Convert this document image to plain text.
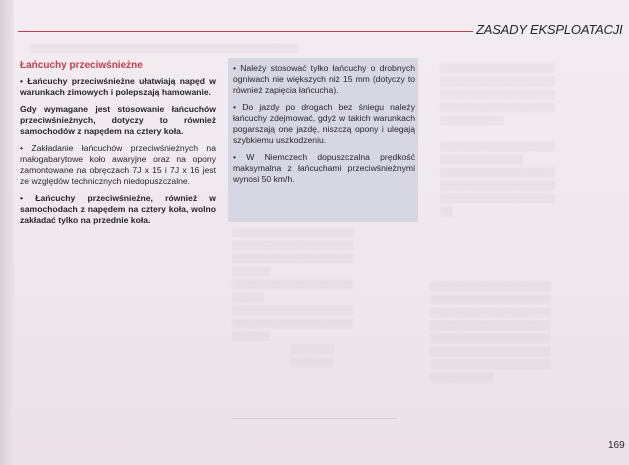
▒▒▒▒▒▒▒▒▒▒▒▒▒▒▒▒▒▒▒▒▒▒▒▒▒▒▒▒▒▒▒▒▒▒▒▒▒▒▒▒▒▒
▒▒▒▒▒▒▒▒▒▒▒▒▒▒▒▒▒▒
▒▒▒▒▒▒▒▒▒▒▒▒▒▒▒▒▒▒
▒▒▒▒▒▒▒▒▒▒▒▒▒▒▒▒▒▒
▒▒▒▒▒▒▒▒▒▒▒▒▒▒▒▒▒▒
▒▒▒▒▒▒▒▒▒▒

▒▒▒▒▒▒▒▒▒▒▒▒▒▒▒▒▒▒
▒▒▒▒▒▒▒▒▒▒▒▒▒
▒▒▒▒▒▒▒▒▒▒▒▒▒▒▒▒▒▒
▒▒▒▒▒▒▒▒▒▒▒▒▒▒▒▒▒▒
▒▒▒▒▒▒▒▒▒▒▒▒▒▒▒▒▒▒
▒▒
▒▒▒▒▒▒▒▒▒▒▒▒▒▒▒▒▒▒▒
▒▒▒▒▒▒▒▒▒▒▒▒▒▒▒▒▒▒▒
▒▒▒▒▒▒▒▒▒▒▒▒▒▒▒▒▒▒▒
▒▒▒▒▒▒▒▒▒▒▒▒▒▒▒▒▒▒▒
▒▒▒▒▒▒▒▒▒▒▒▒▒▒▒▒▒▒▒
▒▒▒▒▒▒▒▒▒▒▒▒▒▒▒▒▒▒▒
▒▒▒▒▒▒▒▒▒▒▒▒▒▒▒▒▒▒▒
▒▒▒▒▒▒▒▒▒▒
▒▒▒▒▒▒▒▒▒▒▒▒▒▒▒▒▒▒▒
▒▒▒▒▒▒▒▒▒▒▒▒▒▒▒▒▒▒▒
▒▒▒▒▒▒▒▒▒▒▒▒▒▒▒▒▒▒▒
▒▒▒▒▒▒
▒▒▒▒▒▒▒▒▒▒▒▒▒▒▒▒▒▒▒
▒▒▒▒▒
▒▒▒▒▒▒▒▒▒▒▒▒▒▒▒▒▒▒▒
▒▒▒▒▒▒▒▒▒▒▒▒▒▒▒▒▒▒▒
▒▒▒▒▒▒
▒▒▒▒▒▒▒
▒▒▒▒▒▒▒
ZASADY EKSPLOATACJI

Łańcuchy przeciwśnieżne

• Łańcuchy przeciwśnieżne ułatwiają napęd w warunkach zimowych i polepszają hamowanie.

Gdy wymagane jest stosowanie łańcuchów przeciwśnieżnych, dotyczy to również samochodów z napędem na cztery koła.

• Zakładanie łańcuchów przeciwśnieżnych na małogabarytowe koło awaryjne oraz na opony zamontowane na obręczach 7J x 15 i 7J x 16 jest ze względów technicznych niedopuszczalne.

• Łańcuchy przeciwśnieżne, również w samochodach z napędem na cztery koła, wolno zakładać tylko na przednie koła.

• Należy stosować tylko łańcuchy o drobnych ogniwach nie większych niż 15 mm (dotyczy to również zapięcia łańcucha).

• Do jazdy po drogach bez śniegu należy łańcuchy zdejmować, gdyż w takich warunkach pogarszają one jazdę, niszczą opony i ulegają szybkiemu uszkodzeniu.

• W Niemczech dopuszczalna prędkość maksymalna z łańcuchami przeciwśnieżnymi wynosi 50 km/h.

169
